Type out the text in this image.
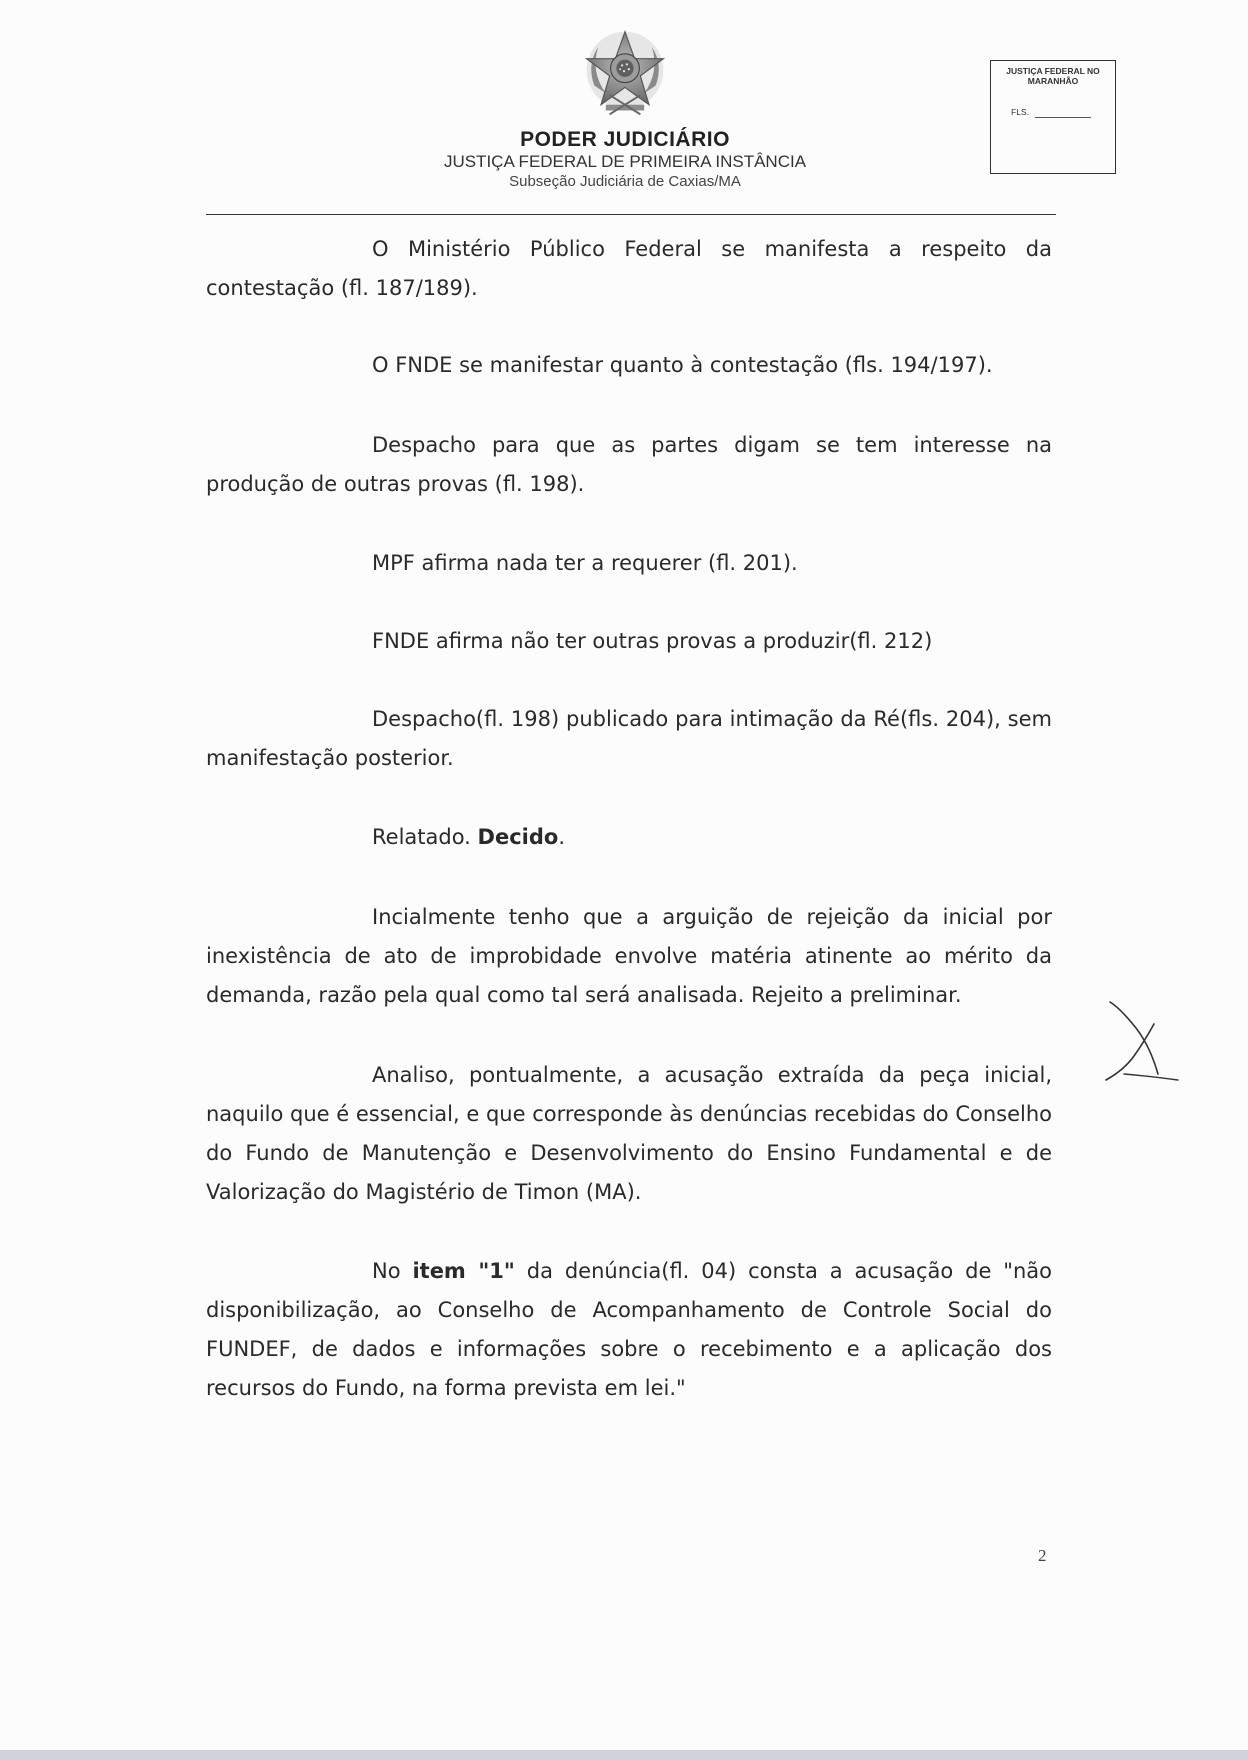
PODER JUDICIÁRIO
JUSTIÇA FEDERAL DE PRIMEIRA INSTÂNCIA
Subseção Judiciária de Caxias/MA
JUSTIÇA FEDERAL NO
MARANHÃO
FLS.

O Ministério Público Federal se manifesta a respeito da contestação (fl. 187/189).

O FNDE se manifestar quanto à contestação (fls. 194/197).

Despacho para que as partes digam se tem interesse na produção de outras provas (fl. 198).

MPF afirma nada ter a requerer (fl. 201).

FNDE afirma não ter outras provas a produzir(fl. 212)

Despacho(fl. 198) publicado para intimação da Ré(fls. 204), sem manifestação posterior.

Relatado. Decido.

Incialmente tenho que a arguição de rejeição da inicial por inexistência de ato de improbidade envolve matéria atinente ao mérito da demanda, razão pela qual como tal será analisada. Rejeito a preliminar.

Analiso, pontualmente, a acusação extraída da peça inicial, naquilo que é essencial, e que corresponde às denúncias recebidas do Conselho do Fundo de Manutenção e Desenvolvimento do Ensino Fundamental e de Valorização do Magistério de Timon (MA).

No item "1" da denúncia(fl. 04) consta a acusação de "não disponibilização, ao Conselho de Acompanhamento de Controle Social do FUNDEF, de dados e informações sobre o recebimento e a aplicação dos recursos do Fundo, na forma prevista em lei."

2
